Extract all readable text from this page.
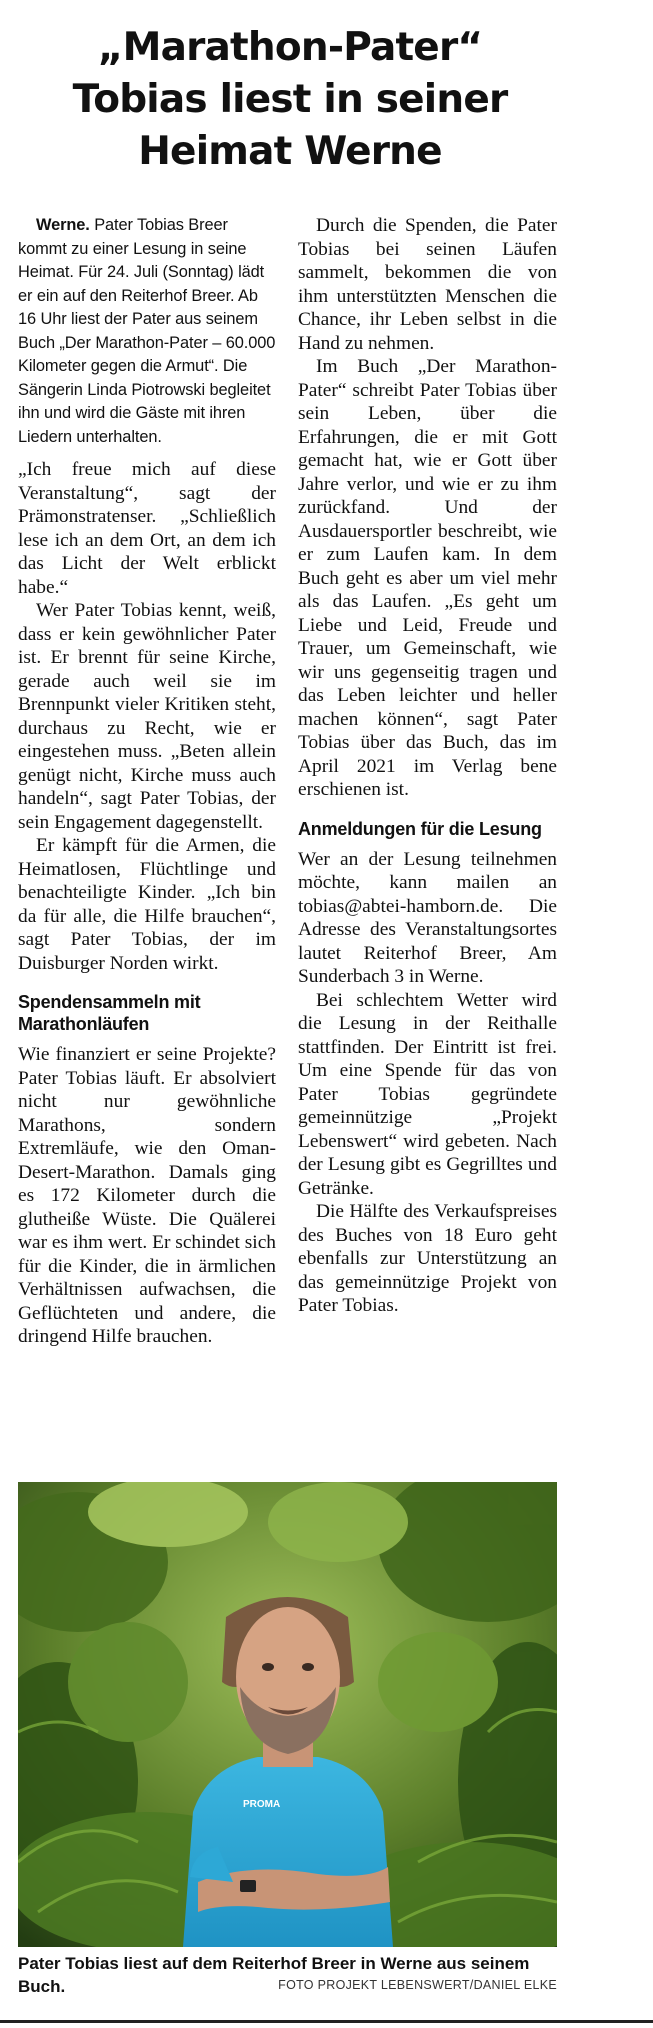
„Marathon-Pater“
Tobias liest in seiner
Heimat Werne

Werne. Pater Tobias Breer kommt zu einer Lesung in seine Heimat. Für 24. Juli (Sonntag) lädt er ein auf den Reiterhof Breer. Ab 16 Uhr liest der Pater aus seinem Buch „Der Marathon-Pater – 60.000 Kilometer gegen die Armut“. Die Sängerin Linda Piotrowski begleitet ihn und wird die Gäste mit ihren Liedern unterhalten.

„Ich freue mich auf diese Veranstaltung“, sagt der Prämonstratenser. „Schließlich lese ich an dem Ort, an dem ich das Licht der Welt erblickt habe.“

Wer Pater Tobias kennt, weiß, dass er kein gewöhnlicher Pater ist. Er brennt für seine Kirche, gerade auch weil sie im Brennpunkt vieler Kritiken steht, durchaus zu Recht, wie er eingestehen muss. „Beten allein genügt nicht, Kirche muss auch handeln“, sagt Pater Tobias, der sein Engagement dagegenstellt.

Er kämpft für die Armen, die Heimatlosen, Flüchtlinge und benachteiligte Kinder. „Ich bin da für alle, die Hilfe brauchen“, sagt Pater Tobias, der im Duisburger Norden wirkt.

Spendensammeln mit Marathonläufen

Wie finanziert er seine Projekte? Pater Tobias läuft. Er absolviert nicht nur gewöhnliche Marathons, sondern Extremläufe, wie den Oman-Desert-Marathon. Damals ging es 172 Kilometer durch die glutheiße Wüste. Die Quälerei war es ihm wert. Er schindet sich für die Kinder, die in ärmlichen Verhältnissen aufwachsen, die Geflüchteten und andere, die dringend Hilfe brauchen.

Durch die Spenden, die Pater Tobias bei seinen Läufen sammelt, bekommen die von ihm unterstützten Menschen die Chance, ihr Leben selbst in die Hand zu nehmen.

Im Buch „Der Marathon-Pater“ schreibt Pater Tobias über sein Leben, über die Erfahrungen, die er mit Gott gemacht hat, wie er Gott über Jahre verlor, und wie er zu ihm zurückfand. Und der Ausdauersportler beschreibt, wie er zum Laufen kam. In dem Buch geht es aber um viel mehr als das Laufen. „Es geht um Liebe und Leid, Freude und Trauer, um Gemeinschaft, wie wir uns gegenseitig tragen und das Leben leichter und heller machen können“, sagt Pater Tobias über das Buch, das im April 2021 im Verlag bene erschienen ist.

Anmeldungen für die Lesung

Wer an der Lesung teilnehmen möchte, kann mailen an tobias@abtei-hamborn.de. Die Adresse des Veranstaltungsortes lautet Reiterhof Breer, Am Sunderbach 3 in Werne.

Bei schlechtem Wetter wird die Lesung in der Reithalle stattfinden. Der Eintritt ist frei. Um eine Spende für das von Pater Tobias gegründete gemeinnützige „Projekt Lebenswert“ wird gebeten. Nach der Lesung gibt es Gegrilltes und Getränke.

Die Hälfte des Verkaufspreises des Buches von 18 Euro geht ebenfalls zur Unterstützung an das gemeinnützige Projekt von Pater Tobias.

PROMA
Pater Tobias liest auf dem Reiterhof Breer in Werne aus seinem Buch.	FOTO PROJEKT LEBENSWERT/DANIEL ELKE
